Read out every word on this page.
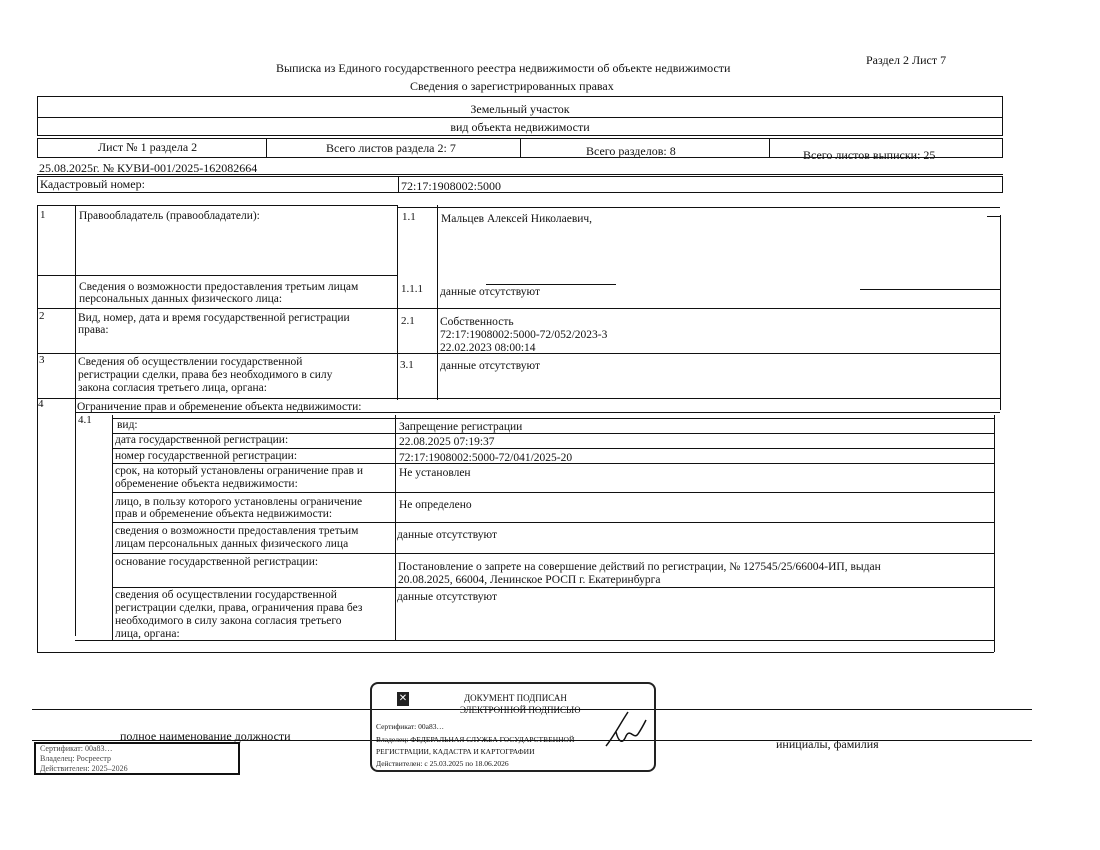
Выписка из Единого государственного реестра недвижимости об объекте недвижимости
Раздел 2 Лист 7
Сведения о зарегистрированных правах
Земельный участок
вид объекта недвижимости
Лист № 1 раздела 2	Всего листов раздела 2: 7	Всего разделов: 8	Всего листов выписки: 25
25.08.2025г. № КУВИ-001/2025-162082664
Кадастровый номер:	72:17:1908002:5000
1	Правообладатель (правообладатели):	1.1 Мальцев Алексей Николаевич,
Сведения о возможности предоставления третьим лицам
персональных данных физического лица:
1.1.1 данные отсутствуют
2	Вид, номер, дата и время государственной регистрации
права:
2.1 Собственность
72:17:1908002:5000-72/052/2023-3
22.02.2023 08:00:14
3	Сведения об осуществлении государственной
регистрации сделки, права без необходимого в силу
закона согласия третьего лица, органа:
3.1 данные отсутствуют
4	Ограничение прав и обременение объекта недвижимости:
4.1 вид:	Запрещение регистрации
дата государственной регистрации:	22.08.2025 07:19:37
номер государственной регистрации:	72:17:1908002:5000-72/041/2025-20
срок, на который установлены ограничение прав и
обременение объекта недвижимости:
Не установлен
лицо, в пользу которого установлены ограничение
прав и обременение объекта недвижимости:
Не определено
сведения о возможности предоставления третьим
лицам персональных данных физического лица
данные отсутствуют
основание государственной регистрации:	Постановление о запрете на совершение действий по регистрации, № 127545/25/66004-ИП, выдан
20.08.2025, 66004, Ленинское РОСП г. Екатеринбурга
сведения об осуществлении государственной
регистрации сделки, права, ограничения права без
необходимого в силу закона согласия третьего
лица, органа:
данные отсутствуют
полное наименование должности
инициалы, фамилия
Сертификат: 00a83…
Владелец: Росреестр
Действителен: 2025–2026
✕	ДОКУМЕНТ ПОДПИСАН
ЭЛЕКТРОННОЙ ПОДПИСЬЮ
Сертификат: 00a83…
Владелец: ФЕДЕРАЛЬНАЯ СЛУЖБА ГОСУДАРСТВЕННОЙ
РЕГИСТРАЦИИ, КАДАСТРА И КАРТОГРАФИИ
Действителен: с 25.03.2025 по 18.06.2026
